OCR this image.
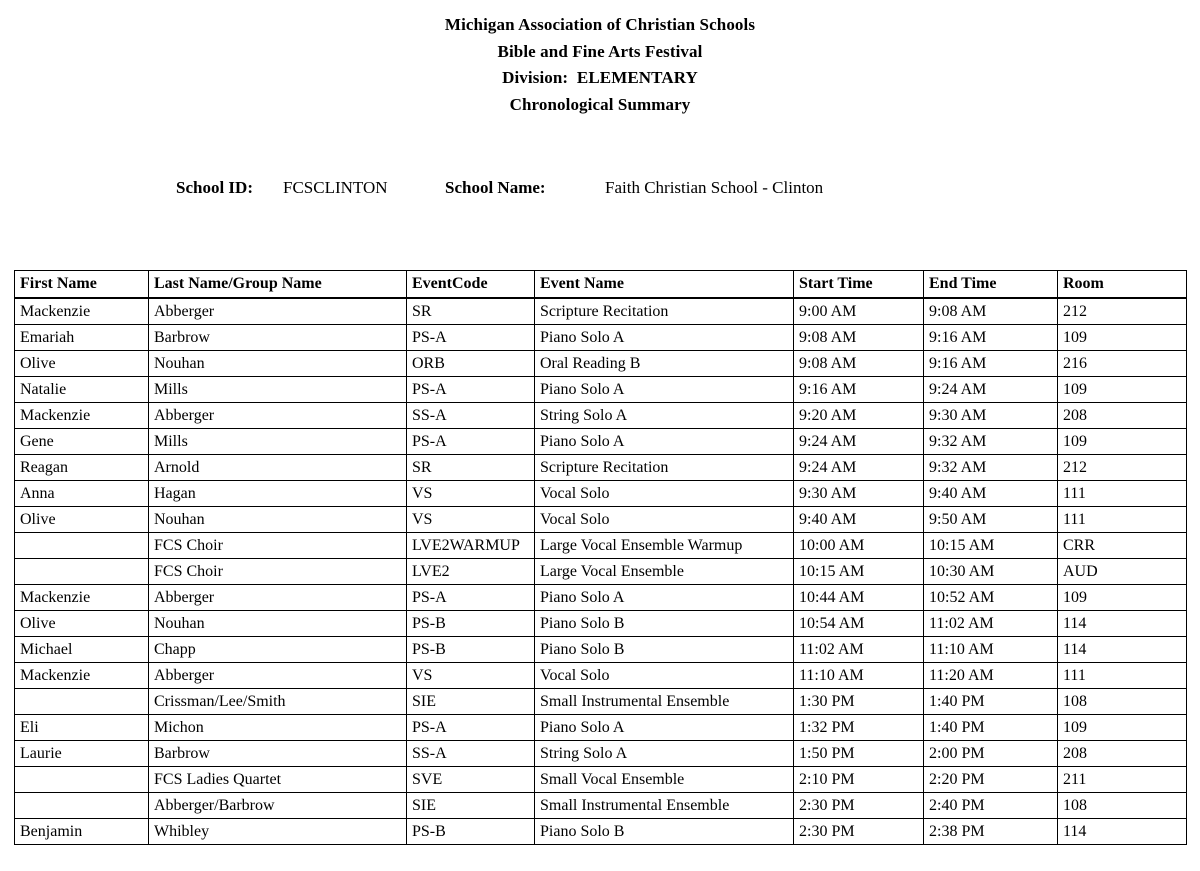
Michigan Association of Christian Schools
Bible and Fine Arts Festival
Division:  ELEMENTARY
Chronological Summary
School ID:	FCSCLINTON	School Name:	Faith Christian School - Clinton
First Name	Last Name/Group Name	EventCode	Event Name	Start Time	End Time	Room
Mackenzie	Abberger	SR	Scripture Recitation	9:00 AM	9:08 AM	212
Emariah	Barbrow	PS-A	Piano Solo A	9:08 AM	9:16 AM	109
Olive	Nouhan	ORB	Oral Reading B	9:08 AM	9:16 AM	216
Natalie	Mills	PS-A	Piano Solo A	9:16 AM	9:24 AM	109
Mackenzie	Abberger	SS-A	String Solo A	9:20 AM	9:30 AM	208
Gene	Mills	PS-A	Piano Solo A	9:24 AM	9:32 AM	109
Reagan	Arnold	SR	Scripture Recitation	9:24 AM	9:32 AM	212
Anna	Hagan	VS	Vocal Solo	9:30 AM	9:40 AM	111
Olive	Nouhan	VS	Vocal Solo	9:40 AM	9:50 AM	111
	FCS Choir	LVE2WARMUP	Large Vocal Ensemble Warmup	10:00 AM	10:15 AM	CRR
	FCS Choir	LVE2	Large Vocal Ensemble	10:15 AM	10:30 AM	AUD
Mackenzie	Abberger	PS-A	Piano Solo A	10:44 AM	10:52 AM	109
Olive	Nouhan	PS-B	Piano Solo B	10:54 AM	11:02 AM	114
Michael	Chapp	PS-B	Piano Solo B	11:02 AM	11:10 AM	114
Mackenzie	Abberger	VS	Vocal Solo	11:10 AM	11:20 AM	111
	Crissman/Lee/Smith	SIE	Small Instrumental Ensemble	1:30 PM	1:40 PM	108
Eli	Michon	PS-A	Piano Solo A	1:32 PM	1:40 PM	109
Laurie	Barbrow	SS-A	String Solo A	1:50 PM	2:00 PM	208
	FCS Ladies Quartet	SVE	Small Vocal Ensemble	2:10 PM	2:20 PM	211
	Abberger/Barbrow	SIE	Small Instrumental Ensemble	2:30 PM	2:40 PM	108
Benjamin	Whibley	PS-B	Piano Solo B	2:30 PM	2:38 PM	114
